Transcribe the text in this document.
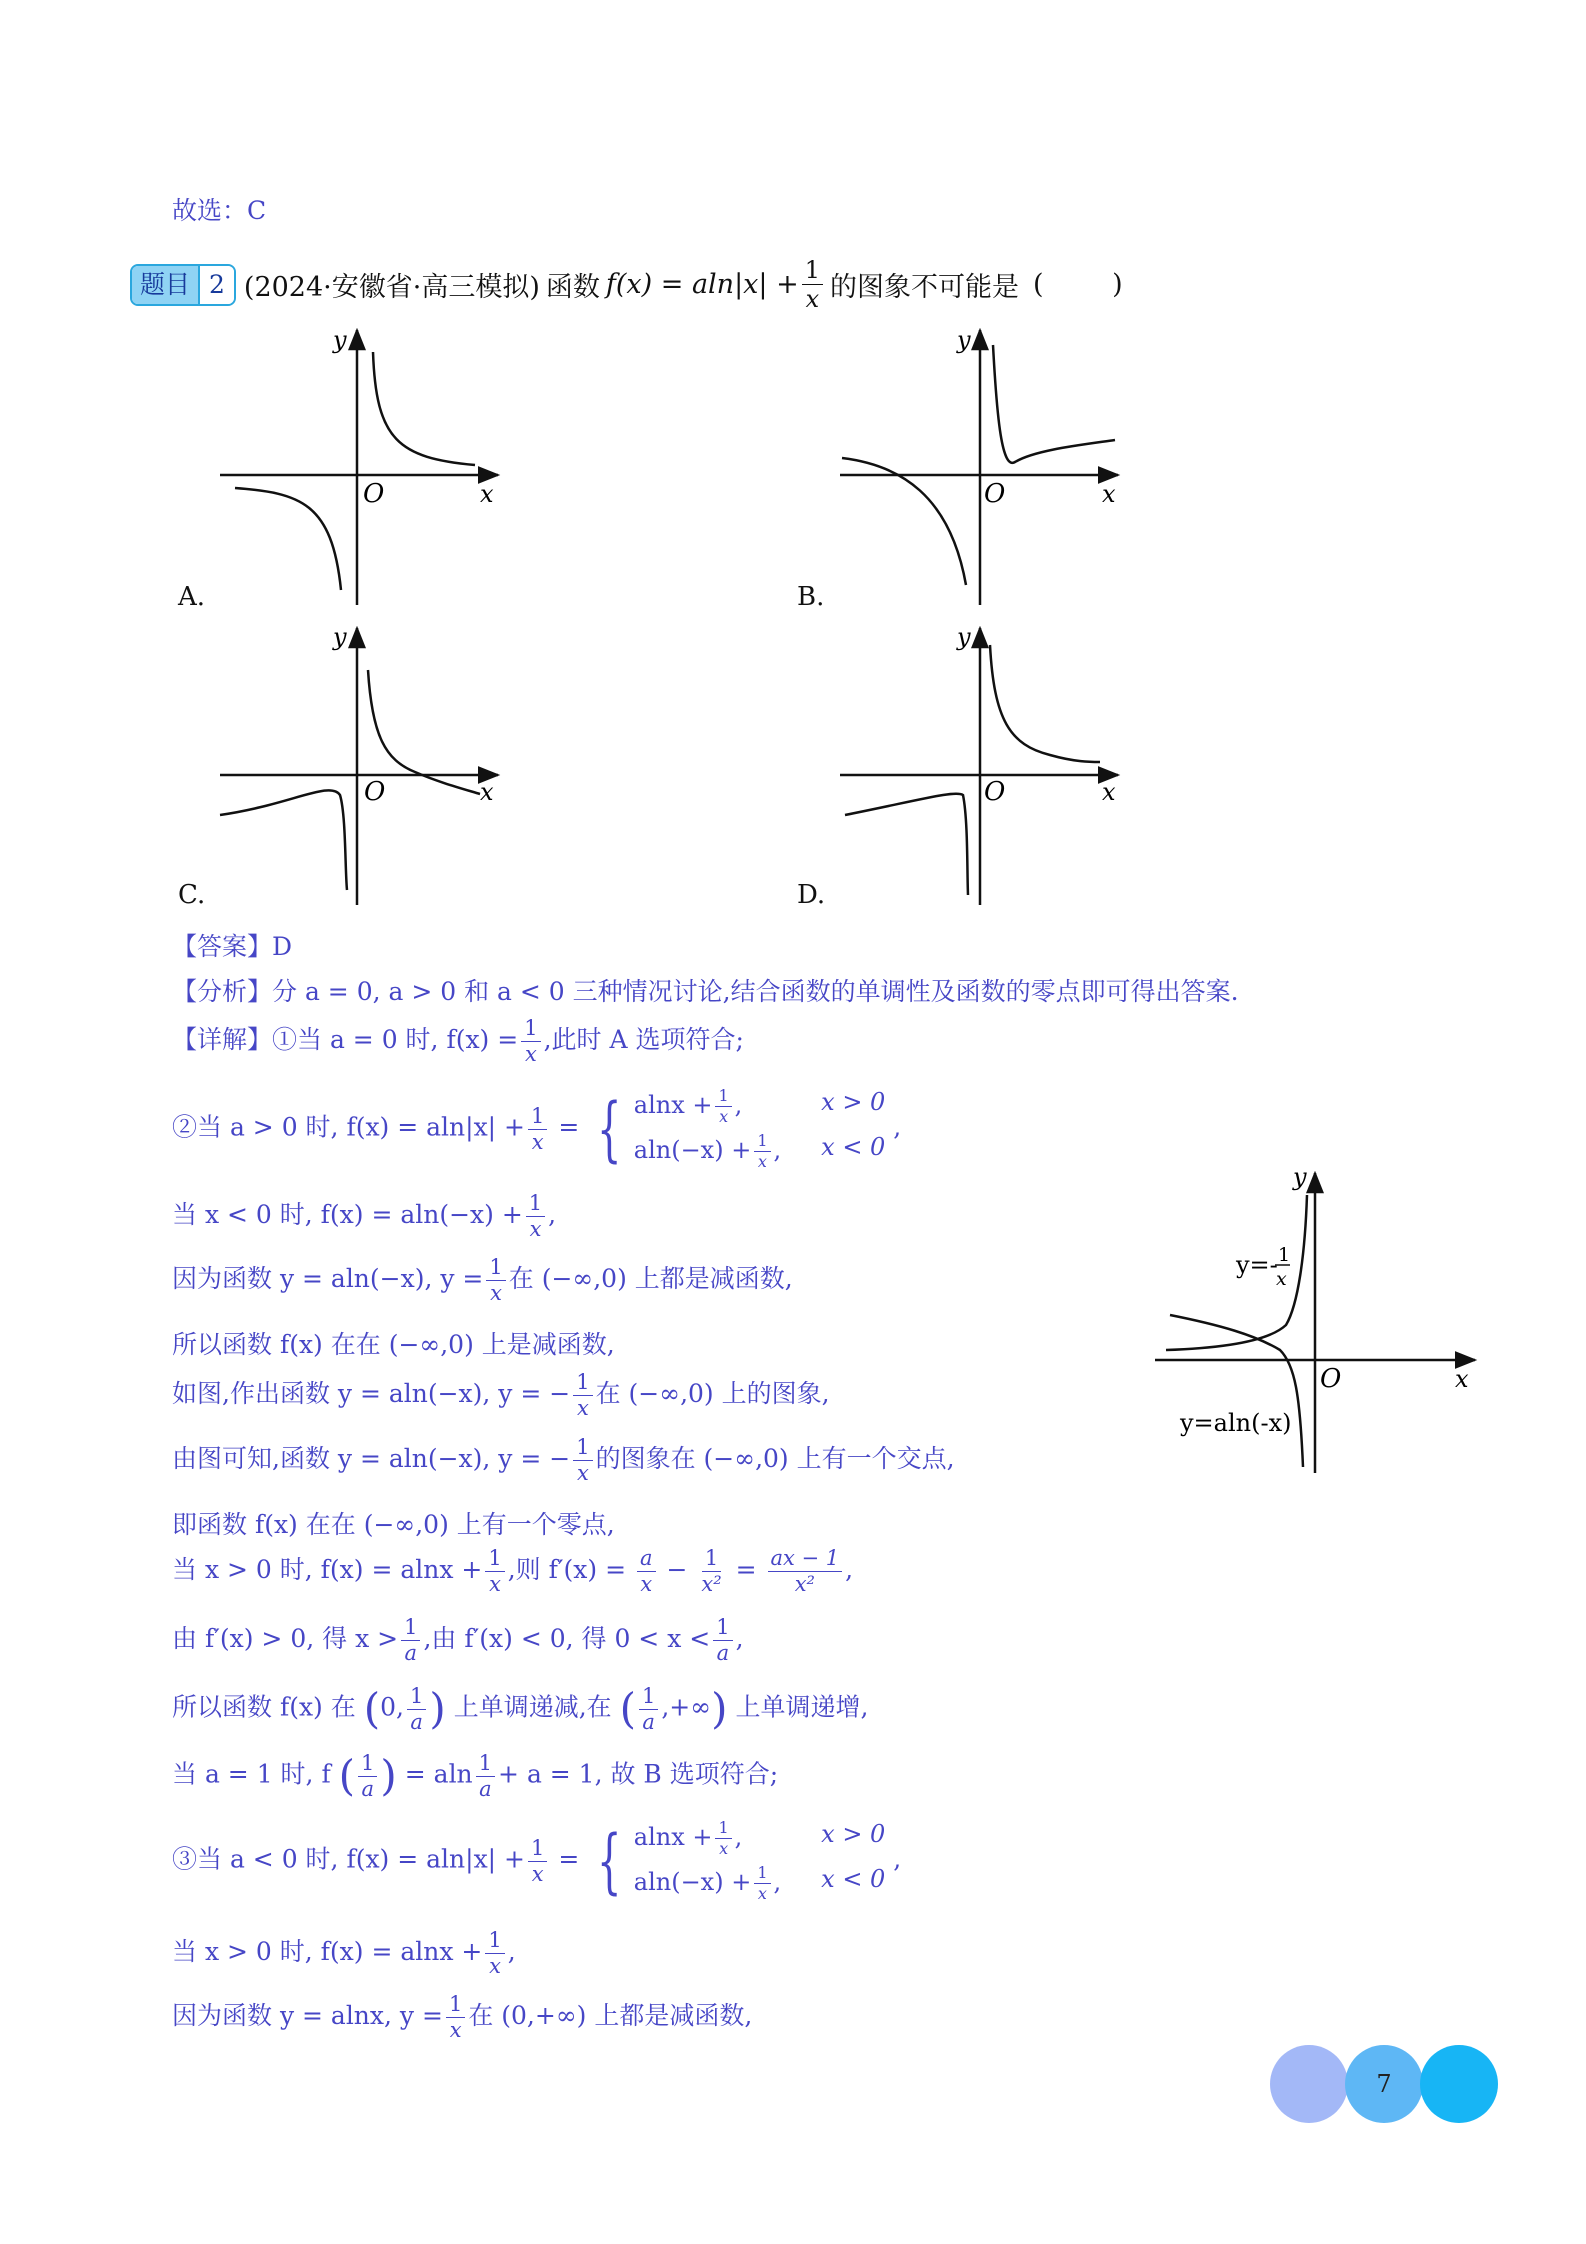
故选：C
题目 2 (2024·安徽省·高三模拟) 函数 $f(x) = aln|x| + \frac{1}{x}$ 的图象不可能是 (        )
y
O	x
y
O	x
y
O	x
y
O	x
A.	B.
C.	D.
【答案】D
【分析】分 a = 0, a > 0 和 a < 0 三种情况讨论,结合函数的单调性及函数的零点即可得出答案.
【详解】①当 a = 0 时, $f(x) = \frac{1}{x}$ ,此时 A 选项符合;
②当 a > 0 时, $f(x) = aln|x| + \frac{1}{x}$ = { $alnx + \frac{1}{x}$ ,	x > 0
$aln(-x) + \frac{1}{x}$ , x < 0
,
当 x < 0 时, $f(x) = aln(-x) + \frac{1}{x}$ ,
因为函数 y = aln(−x), $y = \frac{1}{x}$ 在 (−∞,0) 上都是减函数,
所以函数 f(x) 在在 (−∞,0) 上是减函数,
如图,作出函数 y = aln(−x), y = − $\frac{1}{x}$ 在 (−∞,0) 上的图象,
由图可知,函数 y = aln(−x), y = − $\frac{1}{x}$ 的图象在 (−∞,0) 上有一个交点,
即函数 f(x) 在在 (−∞,0) 上有一个零点,
当 x > 0 时, $f(x) = alnx + \frac{1}{x}$ ,则 $f'(x) = \frac{a}{x} - \frac{1}{\text{x²}} = \frac{ax - 1}{\text{x²}}$ ,
由 f′(x) > 0, 得 $x > \frac{1}{a}$ ,由 f′(x) < 0, 得 $0 < x < \frac{1}{a}$ ,
所以函数 f(x) 在 (0, $\frac{1}{a}$ ) 上单调递减,在 ( $\frac{1}{a}$ ,+∞) 上单调递增,
当 a = 1 时, f ( $\frac{1}{a}$ ) = aln $\frac{1}{a} + a = 1$, 故 B 选项符合;
③当 a < 0 时, $f(x) = aln|x| + \frac{1}{x}$ = { $alnx + \frac{1}{x}$ ,	x > 0
$aln(-x) + \frac{1}{x}$ , x < 0
,
当 x > 0 时, $f(x) = alnx + \frac{1}{x}$ ,
因为函数 y = alnx, $y = \frac{1}{x}$ 在 (0,+∞) 上都是减函数,
y
O	x
y=- 1
x
y=aln(-x)
7
